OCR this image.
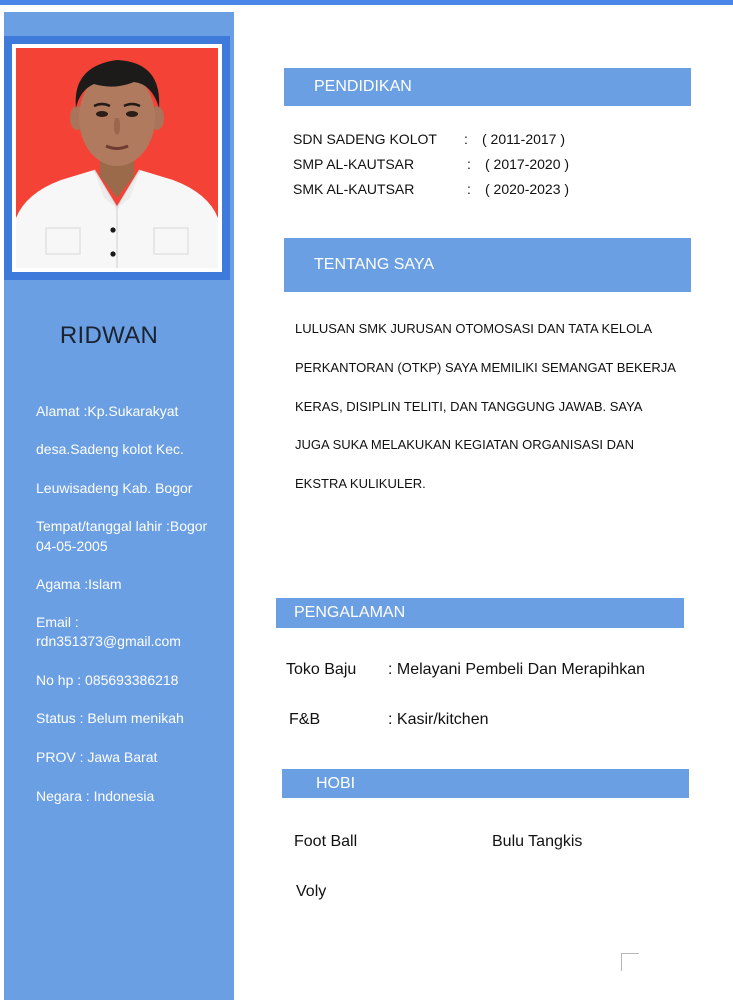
RIDWAN
Alamat :Kp.Sukarakyat
desa.Sadeng kolot Kec.
Leuwisadeng Kab. Bogor
Tempat/tanggal lahir :Bogor
04-05-2005
Agama :Islam
Email :
rdn351373@gmail.com
No hp : 085693386218
Status : Belum menikah
PROV : Jawa Barat
Negara : Indonesia
PENDIDIKAN
SDN SADENG KOLOT : ( 2011-2017 )
SMP AL-KAUTSAR	: ( 2017-2020 )
SMK AL-KAUTSAR	: ( 2020-2023 )
TENTANG SAYA
LULUSAN SMK JURUSAN OTOMOSASI DAN TATA KELOLA
PERKANTORAN (OTKP) SAYA MEMILIKI SEMANGAT BEKERJA
KERAS, DISIPLIN TELITI, DAN TANGGUNG JAWAB. SAYA
JUGA SUKA MELAKUKAN KEGIATAN ORGANISASI DAN
EKSTRA KULIKULER.
PENGALAMAN
Toko Baju : Melayani Pembeli Dan Merapihkan
F&B	: Kasir/kitchen
HOBI
Foot Ball	Bulu Tangkis
Voly
